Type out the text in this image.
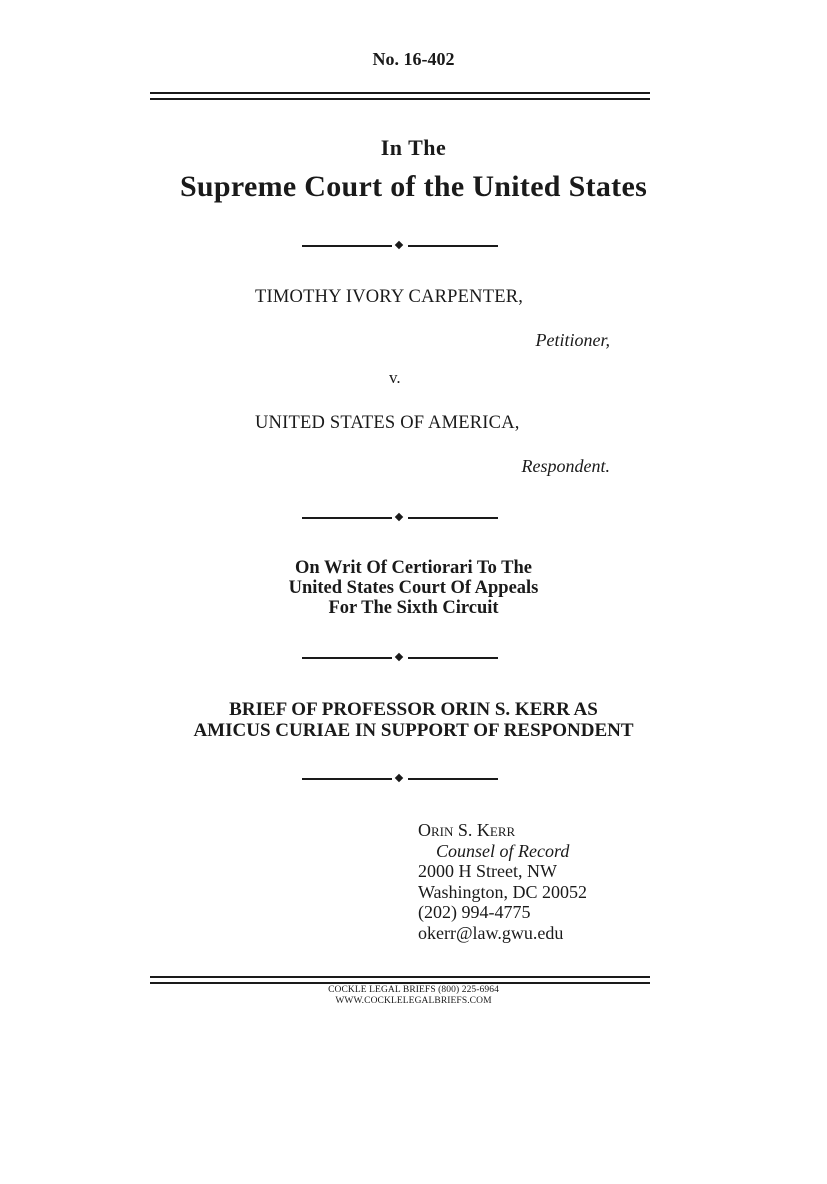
No. 16-402
In The
Supreme Court of the United States
TIMOTHY IVORY CARPENTER,
Petitioner,
v.
UNITED STATES OF AMERICA,
Respondent.
On Writ Of Certiorari To The
United States Court Of Appeals
For The Sixth Circuit
BRIEF OF PROFESSOR ORIN S. KERR AS
AMICUS CURIAE IN SUPPORT OF RESPONDENT
Orin S. Kerr
Counsel of Record
2000 H Street, NW
Washington, DC 20052
(202) 994-4775
okerr@law.gwu.edu
COCKLE LEGAL BRIEFS (800) 225-6964
WWW.COCKLELEGALBRIEFS.COM
